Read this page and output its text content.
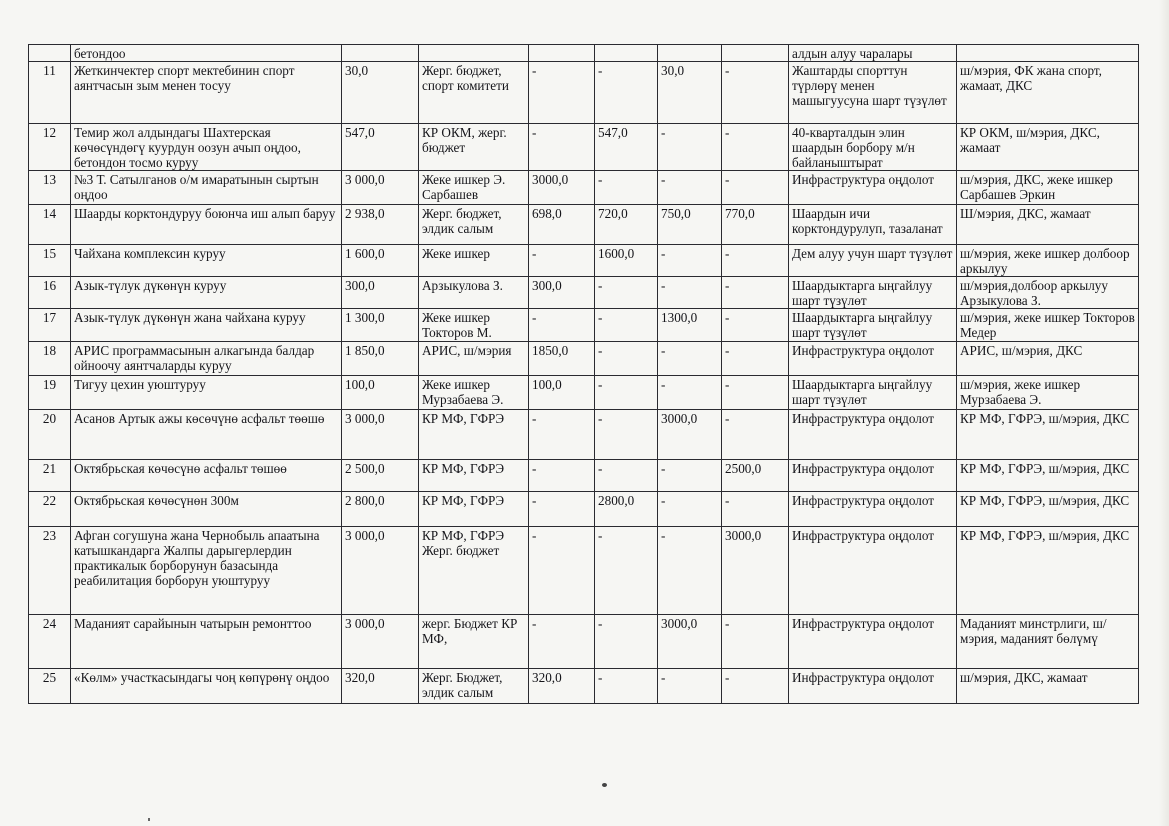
	бетондоо							алдын алуу чаралары	
11	Жеткинчектер спорт мектебинин спорт аянтчасын зым менен тосуу	30,0	Жерг. бюджет, спорт комитети	-	-	30,0	-	Жаштарды спорттун түрлөрү менен машыгуусуна шарт түзүлөт	ш/мэрия, ФК жана спорт, жамаат, ДКС
12	Темир жол алдындагы Шахтерская көчөсүндөгү куурдун оозун ачып оңдоо, бетондон тосмо куруу	547,0	КР ОКМ, жерг. бюджет	-	547,0	-	-	40-кварталдын элин шаардын борбору м/н байланыштырат	КР ОКМ, ш/мэрия, ДКС, жамаат
13	№3 Т. Сатылганов о/м имаратынын сыртын оңдоо	3 000,0	Жеке ишкер Э. Сарбашев	3000,0	-	-	-	Инфраструктура оңдолот	ш/мэрия, ДКС, жеке ишкер Сарбашев Эркин
14	Шаарды корктондуруу боюнча иш алып баруу	2 938,0	Жерг. бюджет, элдик салым	698,0	720,0	750,0	770,0	Шаардын ичи корктондурулуп, тазаланат	Ш/мэрия, ДКС, жамаат
15	Чайхана комплексин куруу	1 600,0	Жеке ишкер	-	1600,0	-	-	Дем алуу учун шарт түзүлөт	ш/мэрия, жеке ишкер долбоор аркылуу
16	Азык-түлук дүкөнүн куруу	300,0	Арзыкулова З.	300,0	-	-	-	Шаардыктарга ыңгайлуу шарт түзүлөт	ш/мэрия,долбоор аркылуу Арзыкулова З.
17	Азык-түлук дүкөнүн жана чайхана куруу	1 300,0	Жеке ишкер Токторов М.	-	-	1300,0	-	Шаардыктарга ыңгайлуу шарт түзүлөт	ш/мэрия, жеке ишкер Токторов Медер
18	АРИС программасынын алкагында балдар ойноочу аянтчаларды куруу	1 850,0	АРИС, ш/мэрия	1850,0	-	-	-	Инфраструктура оңдолот	АРИС, ш/мэрия, ДКС
19	Тигуу цехин уюштуруу	100,0	Жеке ишкер Мурзабаева Э.	100,0	-	-	-	Шаардыктарга ыңгайлуу шарт түзүлөт	ш/мэрия, жеке ишкер Мурзабаева Э.
20	Асанов Артык ажы көсөчүнө асфальт төөшө	3 000,0	КР МФ, ГФРЭ	-	-	3000,0	-	Инфраструктура оңдолот	КР МФ, ГФРЭ, ш/мэрия, ДКС
21	Октябрьская көчөсүнө асфальт төшөө	2 500,0	КР МФ, ГФРЭ	-	-	-	2500,0	Инфраструктура оңдолот	КР МФ, ГФРЭ, ш/мэрия, ДКС
22	Октябрьская көчөсүнөн 300м	2 800,0	КР МФ, ГФРЭ	-	2800,0	-	-	Инфраструктура оңдолот	КР МФ, ГФРЭ, ш/мэрия, ДКС
23	Афган согушуна жана Чернобыль апаатына катышкандарга Жалпы дарыгерлердин практикалык борборунун базасында реабилитация борборун уюштуруу	3 000,0	КР МФ, ГФРЭ Жерг. бюджет	-	-	-	3000,0	Инфраструктура оңдолот	КР МФ, ГФРЭ, ш/мэрия, ДКС
24	Маданият сарайынын чатырын ремонттоо	3 000,0	жерг. Бюджет КР МФ,	-	-	3000,0	-	Инфраструктура оңдолот	Маданият минстрлиги, ш/мэрия, маданият бөлүмү
25	«Көлм» участкасындагы чоң көпүрөнү оңдоо	320,0	Жерг. Бюджет, элдик салым	320,0	-	-	-	Инфраструктура оңдолот	ш/мэрия, ДКС, жамаат
